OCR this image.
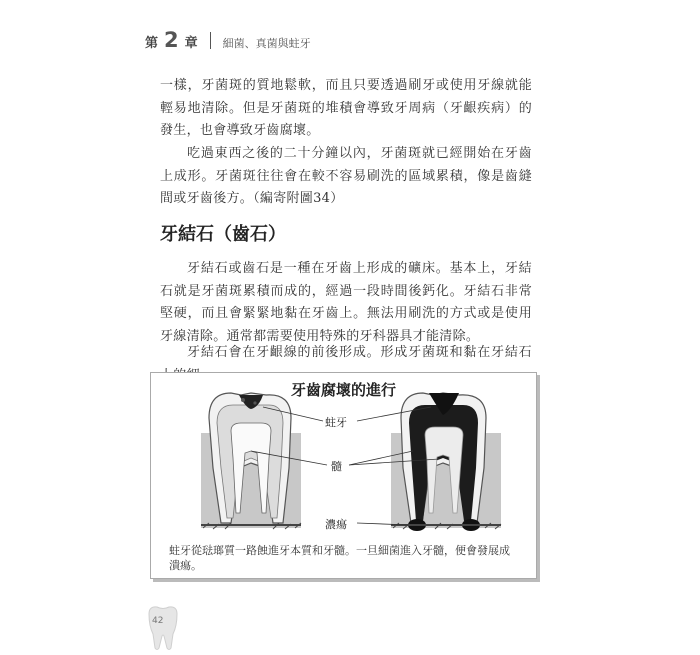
第 2 章 細菌、真菌與蛀牙

一樣，牙菌斑的質地鬆軟，而且只要透過刷牙或使用牙線就能輕易地清除。但是牙菌斑的堆積會導致牙周病（牙齦疾病）的發生，也會導致牙齒腐壞。

吃過東西之後的二十分鐘以內，牙菌斑就已經開始在牙齒上成形。牙菌斑往往會在較不容易刷洗的區域累積，像是齒縫間或牙齒後方。（編寄附圖34）

牙結石（齒石）

牙結石或齒石是一種在牙齒上形成的礦床。基本上，牙結石就是牙菌斑累積而成的，經過一段時間後鈣化。牙結石非常堅硬，而且會緊緊地黏在牙齒上。無法用刷洗的方式或是使用牙線清除。通常都需要使用特殊的牙科器具才能清除。

牙結石會在牙齦線的前後形成。形成牙菌斑和黏在牙結石

牙齒腐壞的進行
蛀牙
髓
濃瘍

蛀牙從琺瑯質一路蝕進牙本質和牙髓。一旦細菌進入牙髓，便會發展成潰瘍。

42
